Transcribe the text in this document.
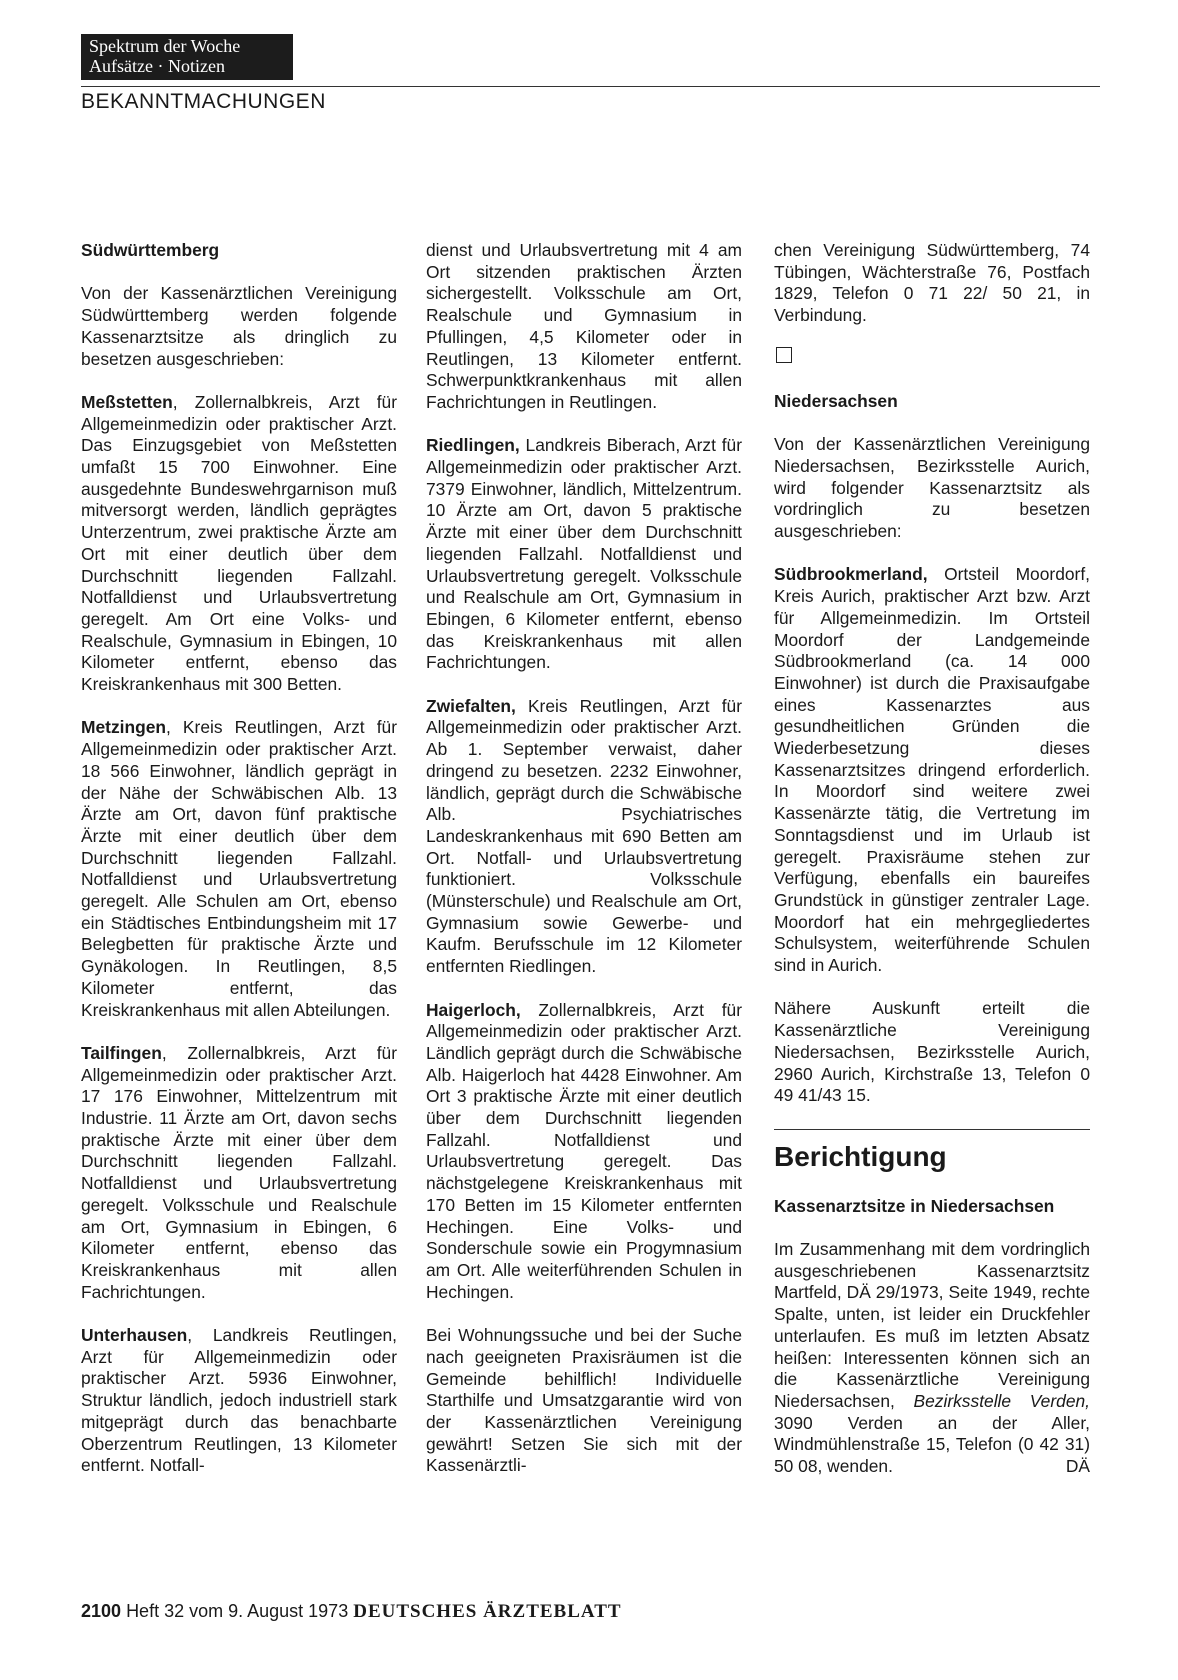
Spektrum der Woche
Aufsätze · Notizen
BEKANNTMACHUNGEN
Südwürttemberg

Von der Kassenärztlichen Vereinigung Südwürttemberg werden folgende Kassenarztsitze als dringlich zu besetzen ausgeschrieben:

Meßstetten, Zollernalbkreis, Arzt für Allgemeinmedizin oder praktischer Arzt. Das Einzugsgebiet von Meßstetten umfaßt 15 700 Einwohner. Eine ausgedehnte Bundeswehrgarnison muß mitversorgt werden, ländlich geprägtes Unterzentrum, zwei praktische Ärzte am Ort mit einer deutlich über dem Durchschnitt liegenden Fallzahl. Notfalldienst und Urlaubsvertretung geregelt. Am Ort eine Volks- und Realschule, Gymnasium in Ebingen, 10 Kilometer entfernt, ebenso das Kreiskrankenhaus mit 300 Betten.

Metzingen, Kreis Reutlingen, Arzt für Allgemeinmedizin oder praktischer Arzt. 18 566 Einwohner, ländlich geprägt in der Nähe der Schwäbischen Alb. 13 Ärzte am Ort, davon fünf praktische Ärzte mit einer deutlich über dem Durchschnitt liegenden Fallzahl. Notfalldienst und Urlaubsvertretung geregelt. Alle Schulen am Ort, ebenso ein Städtisches Entbindungsheim mit 17 Belegbetten für praktische Ärzte und Gynäkologen. In Reutlingen, 8,5 Kilometer entfernt, das Kreiskrankenhaus mit allen Abteilungen.

Tailfingen, Zollernalbkreis, Arzt für Allgemeinmedizin oder praktischer Arzt. 17 176 Einwohner, Mittelzentrum mit Industrie. 11 Ärzte am Ort, davon sechs praktische Ärzte mit einer über dem Durchschnitt liegenden Fallzahl. Notfalldienst und Urlaubsvertretung geregelt. Volksschule und Realschule am Ort, Gymnasium in Ebingen, 6 Kilometer entfernt, ebenso das Kreiskrankenhaus mit allen Fachrichtungen.

Unterhausen, Landkreis Reutlingen, Arzt für Allgemeinmedizin oder praktischer Arzt. 5936 Einwohner, Struktur ländlich, jedoch industriell stark mitgeprägt durch das benachbarte Oberzentrum Reutlingen, 13 Kilometer entfernt. Notfall-

dienst und Urlaubsvertretung mit 4 am Ort sitzenden praktischen Ärzten sichergestellt. Volksschule am Ort, Realschule und Gymnasium in Pfullingen, 4,5 Kilometer oder in Reutlingen, 13 Kilometer entfernt. Schwerpunktkrankenhaus mit allen Fachrichtungen in Reutlingen.

Riedlingen, Landkreis Biberach, Arzt für Allgemeinmedizin oder praktischer Arzt. 7379 Einwohner, ländlich, Mittelzentrum. 10 Ärzte am Ort, davon 5 praktische Ärzte mit einer über dem Durchschnitt liegenden Fallzahl. Notfalldienst und Urlaubsvertretung geregelt. Volksschule und Realschule am Ort, Gymnasium in Ebingen, 6 Kilometer entfernt, ebenso das Kreiskrankenhaus mit allen Fachrichtungen.

Zwiefalten, Kreis Reutlingen, Arzt für Allgemeinmedizin oder praktischer Arzt. Ab 1. September verwaist, daher dringend zu besetzen. 2232 Einwohner, ländlich, geprägt durch die Schwäbische Alb. Psychiatrisches Landeskrankenhaus mit 690 Betten am Ort. Notfall- und Urlaubsvertretung funktioniert. Volksschule (Münsterschule) und Realschule am Ort, Gymnasium sowie Gewerbe- und Kaufm. Berufsschule im 12 Kilometer entfernten Riedlingen.

Haigerloch, Zollernalbkreis, Arzt für Allgemeinmedizin oder praktischer Arzt. Ländlich geprägt durch die Schwäbische Alb. Haigerloch hat 4428 Einwohner. Am Ort 3 praktische Ärzte mit einer deutlich über dem Durchschnitt liegenden Fallzahl. Notfalldienst und Urlaubsvertretung geregelt. Das nächstgelegene Kreiskrankenhaus mit 170 Betten im 15 Kilometer entfernten Hechingen. Eine Volks- und Sonderschule sowie ein Progymnasium am Ort. Alle weiterführenden Schulen in Hechingen.

Bei Wohnungssuche und bei der Suche nach geeigneten Praxisräumen ist die Gemeinde behilflich! Individuelle Starthilfe und Umsatzgarantie wird von der Kassenärztlichen Vereinigung gewährt! Setzen Sie sich mit der Kassenärztli-

chen Vereinigung Südwürttemberg, 74 Tübingen, Wächterstraße 76, Postfach 1829, Telefon 0 71 22/ 50 21, in Verbindung.

Niedersachsen

Von der Kassenärztlichen Vereinigung Niedersachsen, Bezirksstelle Aurich, wird folgender Kassenarztsitz als vordringlich zu besetzen ausgeschrieben:

Südbrookmerland, Ortsteil Moordorf, Kreis Aurich, praktischer Arzt bzw. Arzt für Allgemeinmedizin. Im Ortsteil Moordorf der Landgemeinde Südbrookmerland (ca. 14 000 Einwohner) ist durch die Praxisaufgabe eines Kassenarztes aus gesundheitlichen Gründen die Wiederbesetzung dieses Kassenarztsitzes dringend erforderlich. In Moordorf sind weitere zwei Kassenärzte tätig, die Vertretung im Sonntagsdienst und im Urlaub ist geregelt. Praxisräume stehen zur Verfügung, ebenfalls ein baureifes Grundstück in günstiger zentraler Lage. Moordorf hat ein mehrgegliedertes Schulsystem, weiterführende Schulen sind in Aurich.

Nähere Auskunft erteilt die Kassenärztliche Vereinigung Niedersachsen, Bezirksstelle Aurich, 2960 Aurich, Kirchstraße 13, Telefon 0 49 41/43 15.

Berichtigung
Kassenarztsitze in Niedersachsen

Im Zusammenhang mit dem vordringlich ausgeschriebenen Kassenarztsitz Martfeld, DÄ 29/1973, Seite 1949, rechte Spalte, unten, ist leider ein Druckfehler unterlaufen. Es muß im letzten Absatz heißen: Interessenten können sich an die Kassenärztliche Vereinigung Niedersachsen, Bezirksstelle Verden, 3090 Verden an der Aller, Windmühlenstraße 15, Telefon (0 42 31) 50 08, wenden.	DÄ

2100 Heft 32 vom 9. August 1973 DEUTSCHES ÄRZTEBLATT
